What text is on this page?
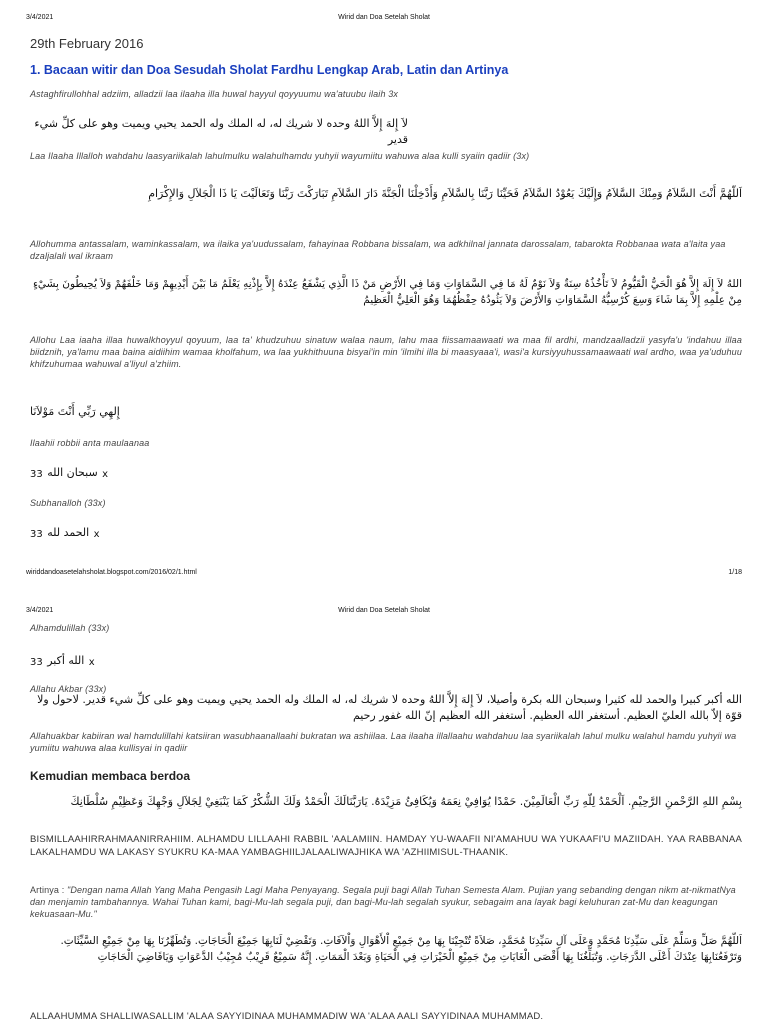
3/4/2021	Wirid dan Doa Setelah Sholat

29th February 2016

1. Bacaan witir dan Doa Sesudah Sholat Fardhu Lengkap Arab, Latin dan Artinya

Astaghfirullohhal adziim, alladzii laa ilaaha illa huwal hayyul qoyyuumu wa'atuubu ilaih 3x

لاَ إِلهَ إِلاَّ اللهُ وحده لا شريك له، له الملك وله الحمد يحيي ويميت وهو على كلِّ شيء قدير

Laa Ilaaha Illalloh wahdahu laasyariikalah lahulmulku walahulhamdu yuhyii wayumiitu wahuwa alaa kulli syaiin qadiir (3x)

اَللّهُمَّ أَنْتَ السَّلاَمُ وَمِنْكَ السَّلاَمُ وَإِلَيْكَ يَعُوْدُ السَّلاَمُ فَحَيِّنَا رَبَّنَا بِالسَّلاَمِ وَأَدْخِلْنَا الْجَنَّةَ دَارَ السَّلاَمِ تَبَارَكْتَ رَبَّنَا وَتَعَالَيْتَ يَا ذَا الْجَلاَلِ وَالإِكْرَامِ

Allohumma antassalam, waminkassalam, wa ilaika ya'uudussalam, fahayinaa Robbana bissalam, wa adkhilnal jannata darossalam, tabarokta Robbanaa wata a'laita yaa dzaljalali wal ikraam

اللهُ لاَ إِلَهَ إِلاَّ هُوَ الْحَيُّ الْقَيُّومُ لاَ تَأْخُذُهُ سِنَةٌ وَلاَ نَوْمٌ لَهُ مَا فِي السَّمَاوَاتِ وَمَا فِي الأَرْضِ مَنْ ذَا الَّذِي يَشْفَعُ عِنْدَهُ إِلاَّ بِإِذْنِهِ يَعْلَمُ مَا بَيْنَ أَيْدِيهِمْ وَمَا خَلْفَهُمْ وَلاَ يُحِيطُونَ بِشَيْءٍ مِنْ عِلْمِهِ إِلاَّ بِمَا شَاءَ وَسِعَ كُرْسِيُّهُ السَّمَاوَاتِ وَالأَرْضَ وَلاَ يَئُودُهُ حِفْظُهُمَا وَهُوَ الْعَلِيُّ الْعَظِيمُ

Allohu Laa iaaha illaa huwalkhoyyul qoyuum, laa ta' khudzuhuu sinatuw walaa naum, lahu maa fiissamaawaati wa maa fil ardhi, mandzaalladzii yasyfa'u 'indahuu illaa biidznih, ya'lamu maa baina aidiihim wamaa kholfahum, wa laa yukhithuuna bisyai'in min 'ilmihi illa bi maasyaaa'i, wasi'a kursiyyuhussamaawaati wal ardho, waa ya'uduhuu khifzuhumaa wahuwal a'liyul a'zhiim.

إِلهِي رَبِّي أَنْتَ مَوْلاَنَا

Ilaahii robbii anta maulaanaa

33 سبحان الله x

Subhanalloh (33x)

33 الحمد لله x
wiriddandoasetelahsholat.blogspot.com/2016/02/1.html	1/18
3/4/2021	Wirid dan Doa Setelah Sholat

Alhamdulillah (33x)

33 الله أكبر x

Allahu Akbar (33x)

الله أكبر كبيرا والحمد لله كثيرا وسبحان الله بكرة وأصيلا، لاَ إِلهَ إِلاَّ اللهُ وحده لا شريك له، له الملك وله الحمد يحيي ويميت وهو على كلِّ شيء قدير. لاحول ولا قوّة إلاّ بالله العليّ العظيم. أستغفر الله العظيم. أستغفر الله العظيم إنّ الله غفور رحيم

Allahuakbar kabiiran wal hamdulillahi katsiiran wasubhaanallaahi bukratan wa ashiilaa. Laa ilaaha illallaahu wahdahuu laa syariikalah lahul mulku walahul hamdu yuhyii wa yumiitu wahuwa alaa kullisyai in qadiir

Kemudian membaca berdoa

بِسْمِ اللهِ الرَّحْمنِ الرَّحِيْمِ. اَلْحَمْدُ لِلّهِ رَبِّ الْعَالَمِيْنَ. حَمْدًا يُوَافِيْ نِعَمَهُ وَيُكَافِئُ مَزِيْدَهُ. يَارَبَّنَالَكَ الْحَمْدُ وَلَكَ الشُّكْرُ كَمَا يَنْبَغِيْ لِجَلاَلِ وَجْهِكَ وَعَظِيْمِ سُلْطَانِكَ

BISMILLAAHIRRAHMAANIRRAHIIM. ALHAMDU LILLAAHI RABBIL 'AALAMIIN. HAMDAY YU-WAAFII NI'AMAHUU WA YUKAAFI'U MAZIIDAH. YAA RABBANAA LAKALHAMDU WA LAKASY SYUKRU KA-MAA YAMBAGHIILJALAALIWAJHIKA WA 'AZHIIMISUL-THAANIK.

Artinya : "Dengan nama Allah Yang Maha Pengasih Lagi Maha Penyayang. Segala puji bagi Allah Tuhan Semesta Alam. Pujian yang sebanding dengan nikm at-nikmatNya dan menjamin tambahannya. Wahai Tuhan kami, bagi-Mu-lah segala puji, dan bagi-Mu-lah segalah syukur, sebagaim ana layak bagi keluhuran zat-Mu dan keagungan kekuasaan-Mu."

اَللّهُمَّ صَلِّ وَسَلِّمْ عَلَى سَيِّدِنَا مُحَمَّدٍ وَعَلَى آلِ سَيِّدِنَا مُحَمَّدٍ، صَلاَةً تُنْجِيْنَا بِهَا مِنْ جَمِيْعِ اْلأَهْوَالِ وَاْلآفَاتِ. وَتَقْضِيْ لَنَابِهَا جَمِيْعَ الْحَاجَاتِ. وَتُطَهِّرُنَا بِهَا مِنْ جَمِيْعِ السَّيِّئَاتِ. وَتَرْفَعُنَابِهَا عِنْدَكَ أَعْلَى الدَّرَجَاتِ. وَتُبَلِّغُنَا بِهَا أَقْصَى الْغَايَاتِ مِنْ جَمِيْعِ الْخَيْرَاتِ فِي الْحَيَاةِ وَبَعْدَ الْمَمَاتِ. إِنَّهُ سَمِيْعٌ قَرِيْبٌ مُجِيْبُ الدَّعَوَاتِ وَيَاقَاضِيَ الْحَاجَاتِ

ALLAAHUMMA SHALLIWASALLIM 'ALAA SAYYIDINAA MUHAMMADIW WA 'ALAA AALI SAYYIDINAA MUHAMMAD.
